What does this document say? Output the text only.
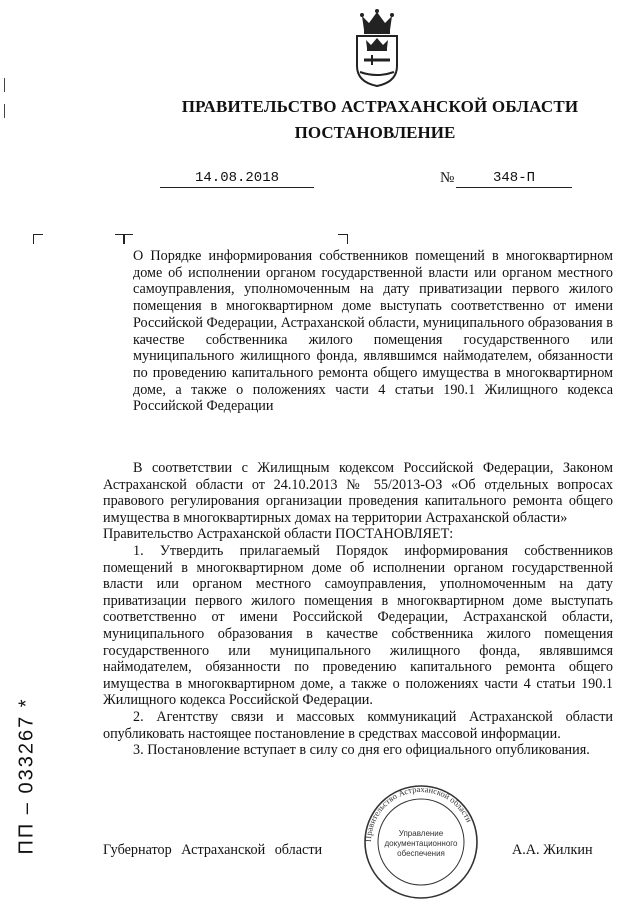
ПРАВИТЕЛЬСТВО АСТРАХАНСКОЙ ОБЛАСТИ
ПОСТАНОВЛЕНИЕ
14.08.2018	№	348-П
О Порядке информирования собственников помещений в многоквартирном доме об исполнении органом государственной власти или органом местного самоуправления, уполномоченным на дату приватизации первого жилого помещения в многоквартирном доме выступать соответственно от имени Российской Федерации, Астраханской области, муниципального образования в качестве собственника жилого помещения государственного или муниципального жилищного фонда, являвшимся наймодателем, обязанности по проведению капитального ремонта общего имущества в многоквартирном доме, а также о положениях части 4 статьи 190.1 Жилищного кодекса Российской Федерации

В соответствии с Жилищным кодексом Российской Федерации, Законом Астраханской области от 24.10.2013 № 55/2013-ОЗ «Об отдельных вопросах правового регулирования организации проведения капитального ремонта общего имущества в многоквартирных домах на территории Астраханской области»

Правительство Астраханской области ПОСТАНОВЛЯЕТ:

1. Утвердить прилагаемый Порядок информирования собственников помещений в многоквартирном доме об исполнении органом государственной власти или органом местного самоуправления, уполномоченным на дату приватизации первого жилого помещения в многоквартирном доме выступать соответственно от имени Российской Федерации, Астраханской области, муниципального образования в качестве собственника жилого помещения государственного или муниципального жилищного фонда, являвшимся наймодателем, обязанности по проведению капитального ремонта общего имущества в многоквартирном доме, а также о положениях части 4 статьи 190.1 Жилищного кодекса Российской Федерации.

2. Агентству связи и массовых коммуникаций Астраханской области опубликовать настоящее постановление в средствах массовой информации.

3. Постановление вступает в силу со дня его официального опубликования.

ПП – 033267 *	Губернатор Астраханской области	А.А. Жилкин
Правительство Астраханской области
Управление
документационного
обеспечения
